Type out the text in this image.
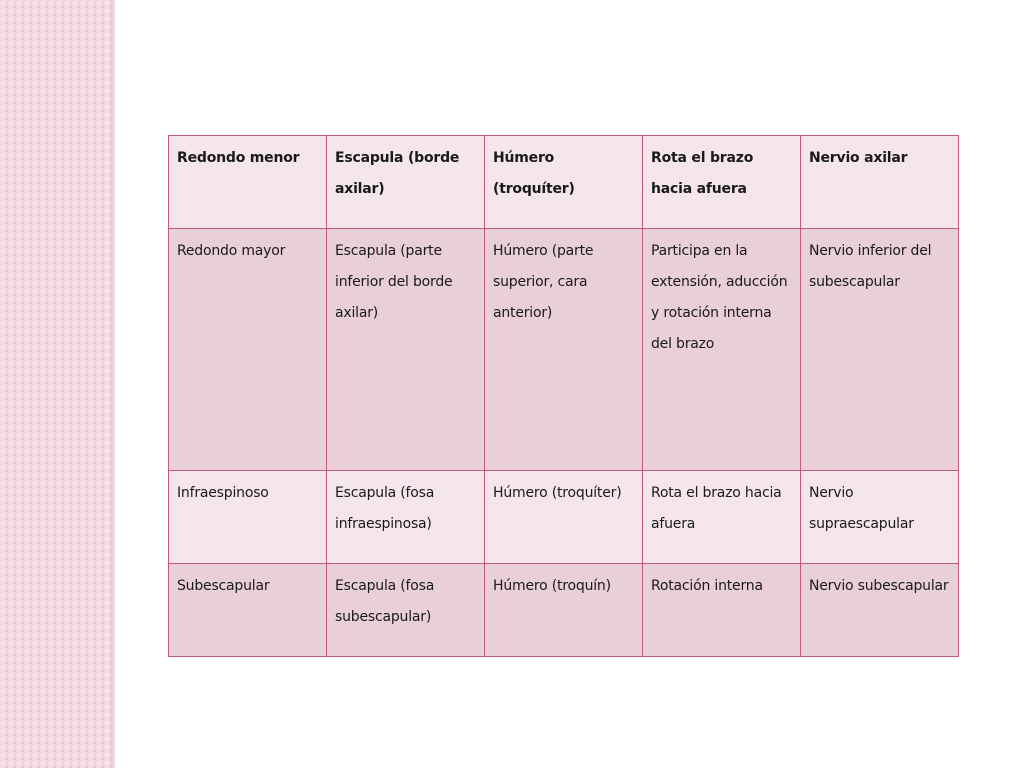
Redondo menor	Escapula (borde axilar)	Húmero (troquíter)	Rota el brazo hacia afuera	Nervio axilar
Redondo mayor	Escapula (parte inferior del borde axilar)	Húmero (parte superior, cara anterior)	Participa en la extensión, aducción y rotación interna del brazo	Nervio inferior del subescapular
Infraespinoso	Escapula (fosa infraespinosa)	Húmero (troquíter)	Rota el brazo hacia afuera	Nervio supraescapular
Subescapular	Escapula (fosa subescapular)	Húmero (troquín)	Rotación interna	Nervio subescapular
